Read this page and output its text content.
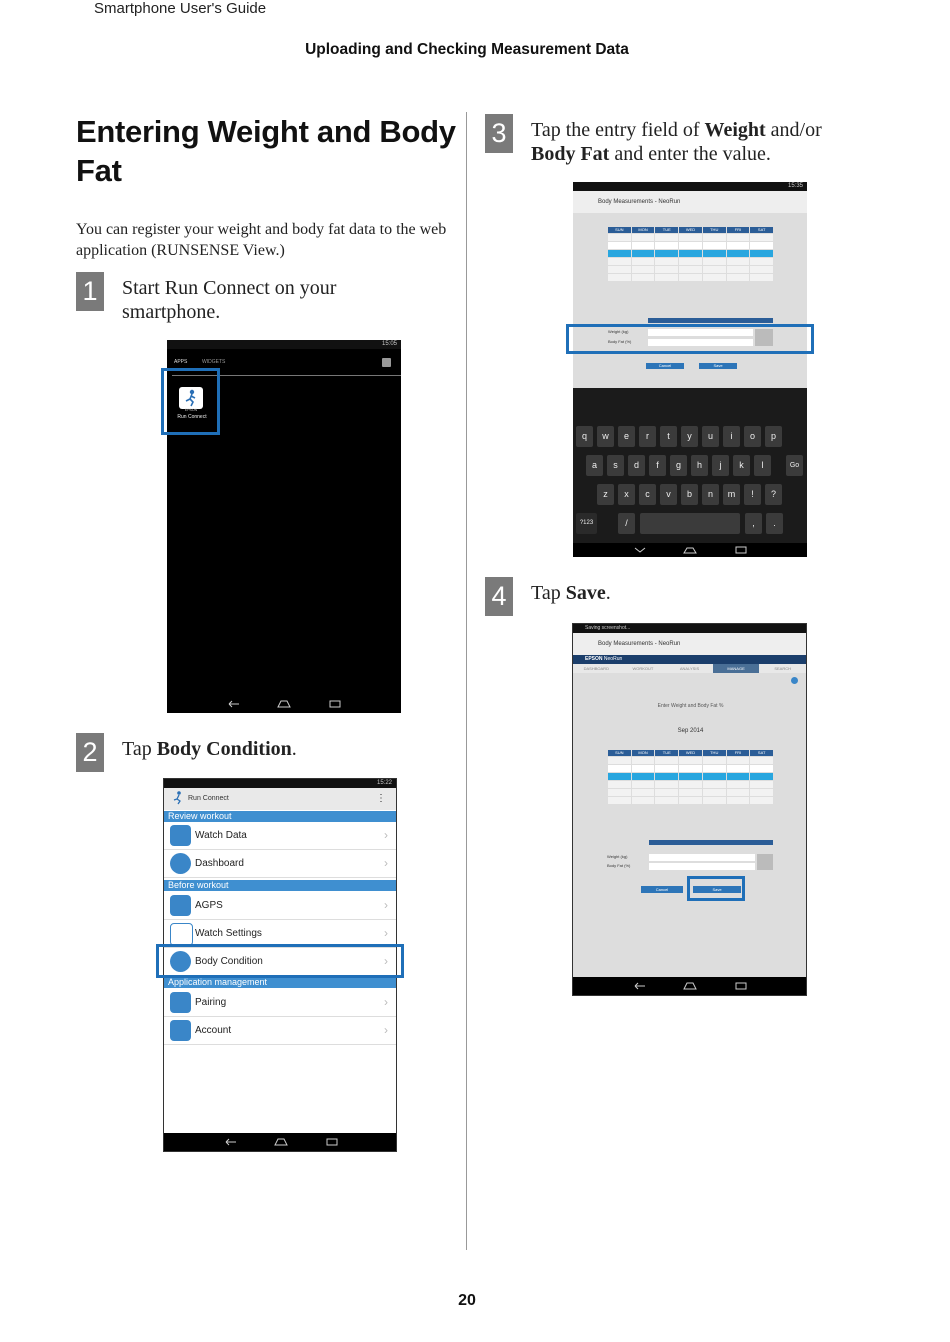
Smartphone User's Guide
Uploading and Checking Measurement Data
Entering Weight and Body Fat
You can register your weight and body fat data to the web application (RUNSENSE View.)
1	Start Run Connect on your smartphone.
15:05
APPS	WIDGETS
EPSON
Run Connect
2	Tap Body Condition.
15:22
Run Connect	⋮
Review workout
Watch Data	›
Dashboard	›
Before workout
AGPS	›
Watch Settings	›
Body Condition	›
Application management
Pairing	›
Account	›
3	Tap the entry field of Weight and/or Body Fat and enter the value.
15:35
Body Measurements - NeoRun
SUN	MON	TUE	WED	THU	FRI	SAT
Weight (kg)
Body Fat (%)
Cancel	Save
q	w	e	r	t	y	u	i	o	p
a	s	d	f	g	h	j	k	l
z	x	c	v	b	n	m	!	?
Go
?123	/	,	.
4	Tap Save.
Saving screenshot...
Body Measurements - NeoRun
EPSON NeoRun
DASHBOARD	WORKOUT	ANALYSIS	MANAGE	SEARCH
Enter Weight and Body Fat %
Sep 2014
SUN	MON	TUE	WED	THU	FRI	SAT
Weight (kg)
Body Fat (%)
Cancel	Save
20
